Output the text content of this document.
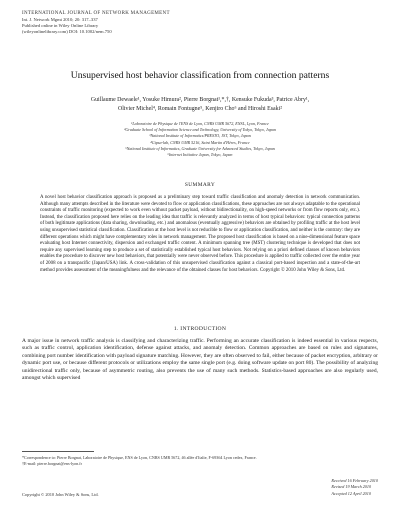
INTERNATIONAL JOURNAL OF NETWORK MANAGEMENT
Int. J. Network Mgmt 2010; 20: 317–337
Published online in Wiley Online Library
(wileyonlinelibrary.com) DOI: 10.1002/nem.750
Unsupervised host behavior classification from connection patterns
Guillaume Dewaele¹, Yosuke Himura², Pierre Borgnat¹,*,†, Kensuke Fukuda³, Patrice Abry¹,
Olivier Michel⁴, Romain Fontugne⁵, Kenjiro Cho⁶ and Hiroshi Esaki²
¹Laboratoire de Physique de l'ENS de Lyon, CNRS UMR 5672, ENSL, Lyon, France
²Graduate School of Information Science and Technology, University of Tokyo, Tokyo, Japan
³National Institute of Informatics/PRESTO, JST, Tokyo, Japan
⁴Gipsa-lab, CNRS UMR 5216, Saint Martin d'Hères, France
⁵National Institute of Informatics, Graduate University for Advanced Studies, Tokyo, Japan
⁶Internet Initiative Japan, Tokyo, Japan
SUMMARY
A novel host behavior classification approach is proposed as a preliminary step toward traffic classification and anomaly detection in network communication. Although many attempts described in the literature were devoted to flow or application classifications, these approaches are not always adaptable to the operational constraints of traffic monitoring (expected to work even without packet payload, without bidirectionality, on high-speed networks or from flow reports only, etc.). Instead, the classification proposed here relies on the leading idea that traffic is relevantly analyzed in terms of host typical behaviors: typical connection patterns of both legitimate applications (data sharing, downloading, etc.) and anomalous (eventually aggressive) behaviors are obtained by profiling traffic at the host level using unsupervised statistical classification. Classification at the host level is not reducible to flow or application classification, and neither is the contrary: they are different operations which might have complementary roles in network management. The proposed host classification is based on a nine-dimensional feature space evaluating host Internet connectivity, dispersion and exchanged traffic content. A minimum spanning tree (MST) clustering technique is developed that does not require any supervised learning step to produce a set of statistically established typical host behaviors. Not relying on a priori defined classes of known behaviors enables the procedure to discover new host behaviors, that potentially were never observed before. This procedure is applied to traffic collected over the entire year of 2008 on a transpacific (Japan/USA) link. A cross-validation of this unsupervised classification against a classical port-based inspection and a state-of-the-art method provides assessment of the meaningfulness and the relevance of the obtained classes for host behaviors. Copyright © 2010 John Wiley & Sons, Ltd.
1. INTRODUCTION
A major issue in network traffic analysis is classifying and characterizing traffic. Performing an accurate classification is indeed essential in various respects, such as traffic control, application identification, defense against attacks, and anomaly detection. Common approaches are based on rules and signatures, combining port number identification with payload signature matching. However, they are often observed to fail, either because of packet encryption, arbitrary or dynamic port use, or because different protocols or utilizations employ the same single port (e.g. doing software update on port 80). The possibility of analyzing unidirectional traffic only, because of asymmetric routing, also prevents the use of many such methods. Statistics-based approaches are also regularly used, amongst which supervised
*Correspondence to: Pierre Borgnat, Laboratoire de Physique, ENS de Lyon, CNRS UMR 5672, 46 allée d'Italie, F-69364 Lyon cedex, France.
†E-mail: pierre.borgnat@ens-lyon.fr
Copyright © 2010 John Wiley & Sons, Ltd.
Received 16 February 2010
Revised 19 March 2010
Accepted 12 April 2010
